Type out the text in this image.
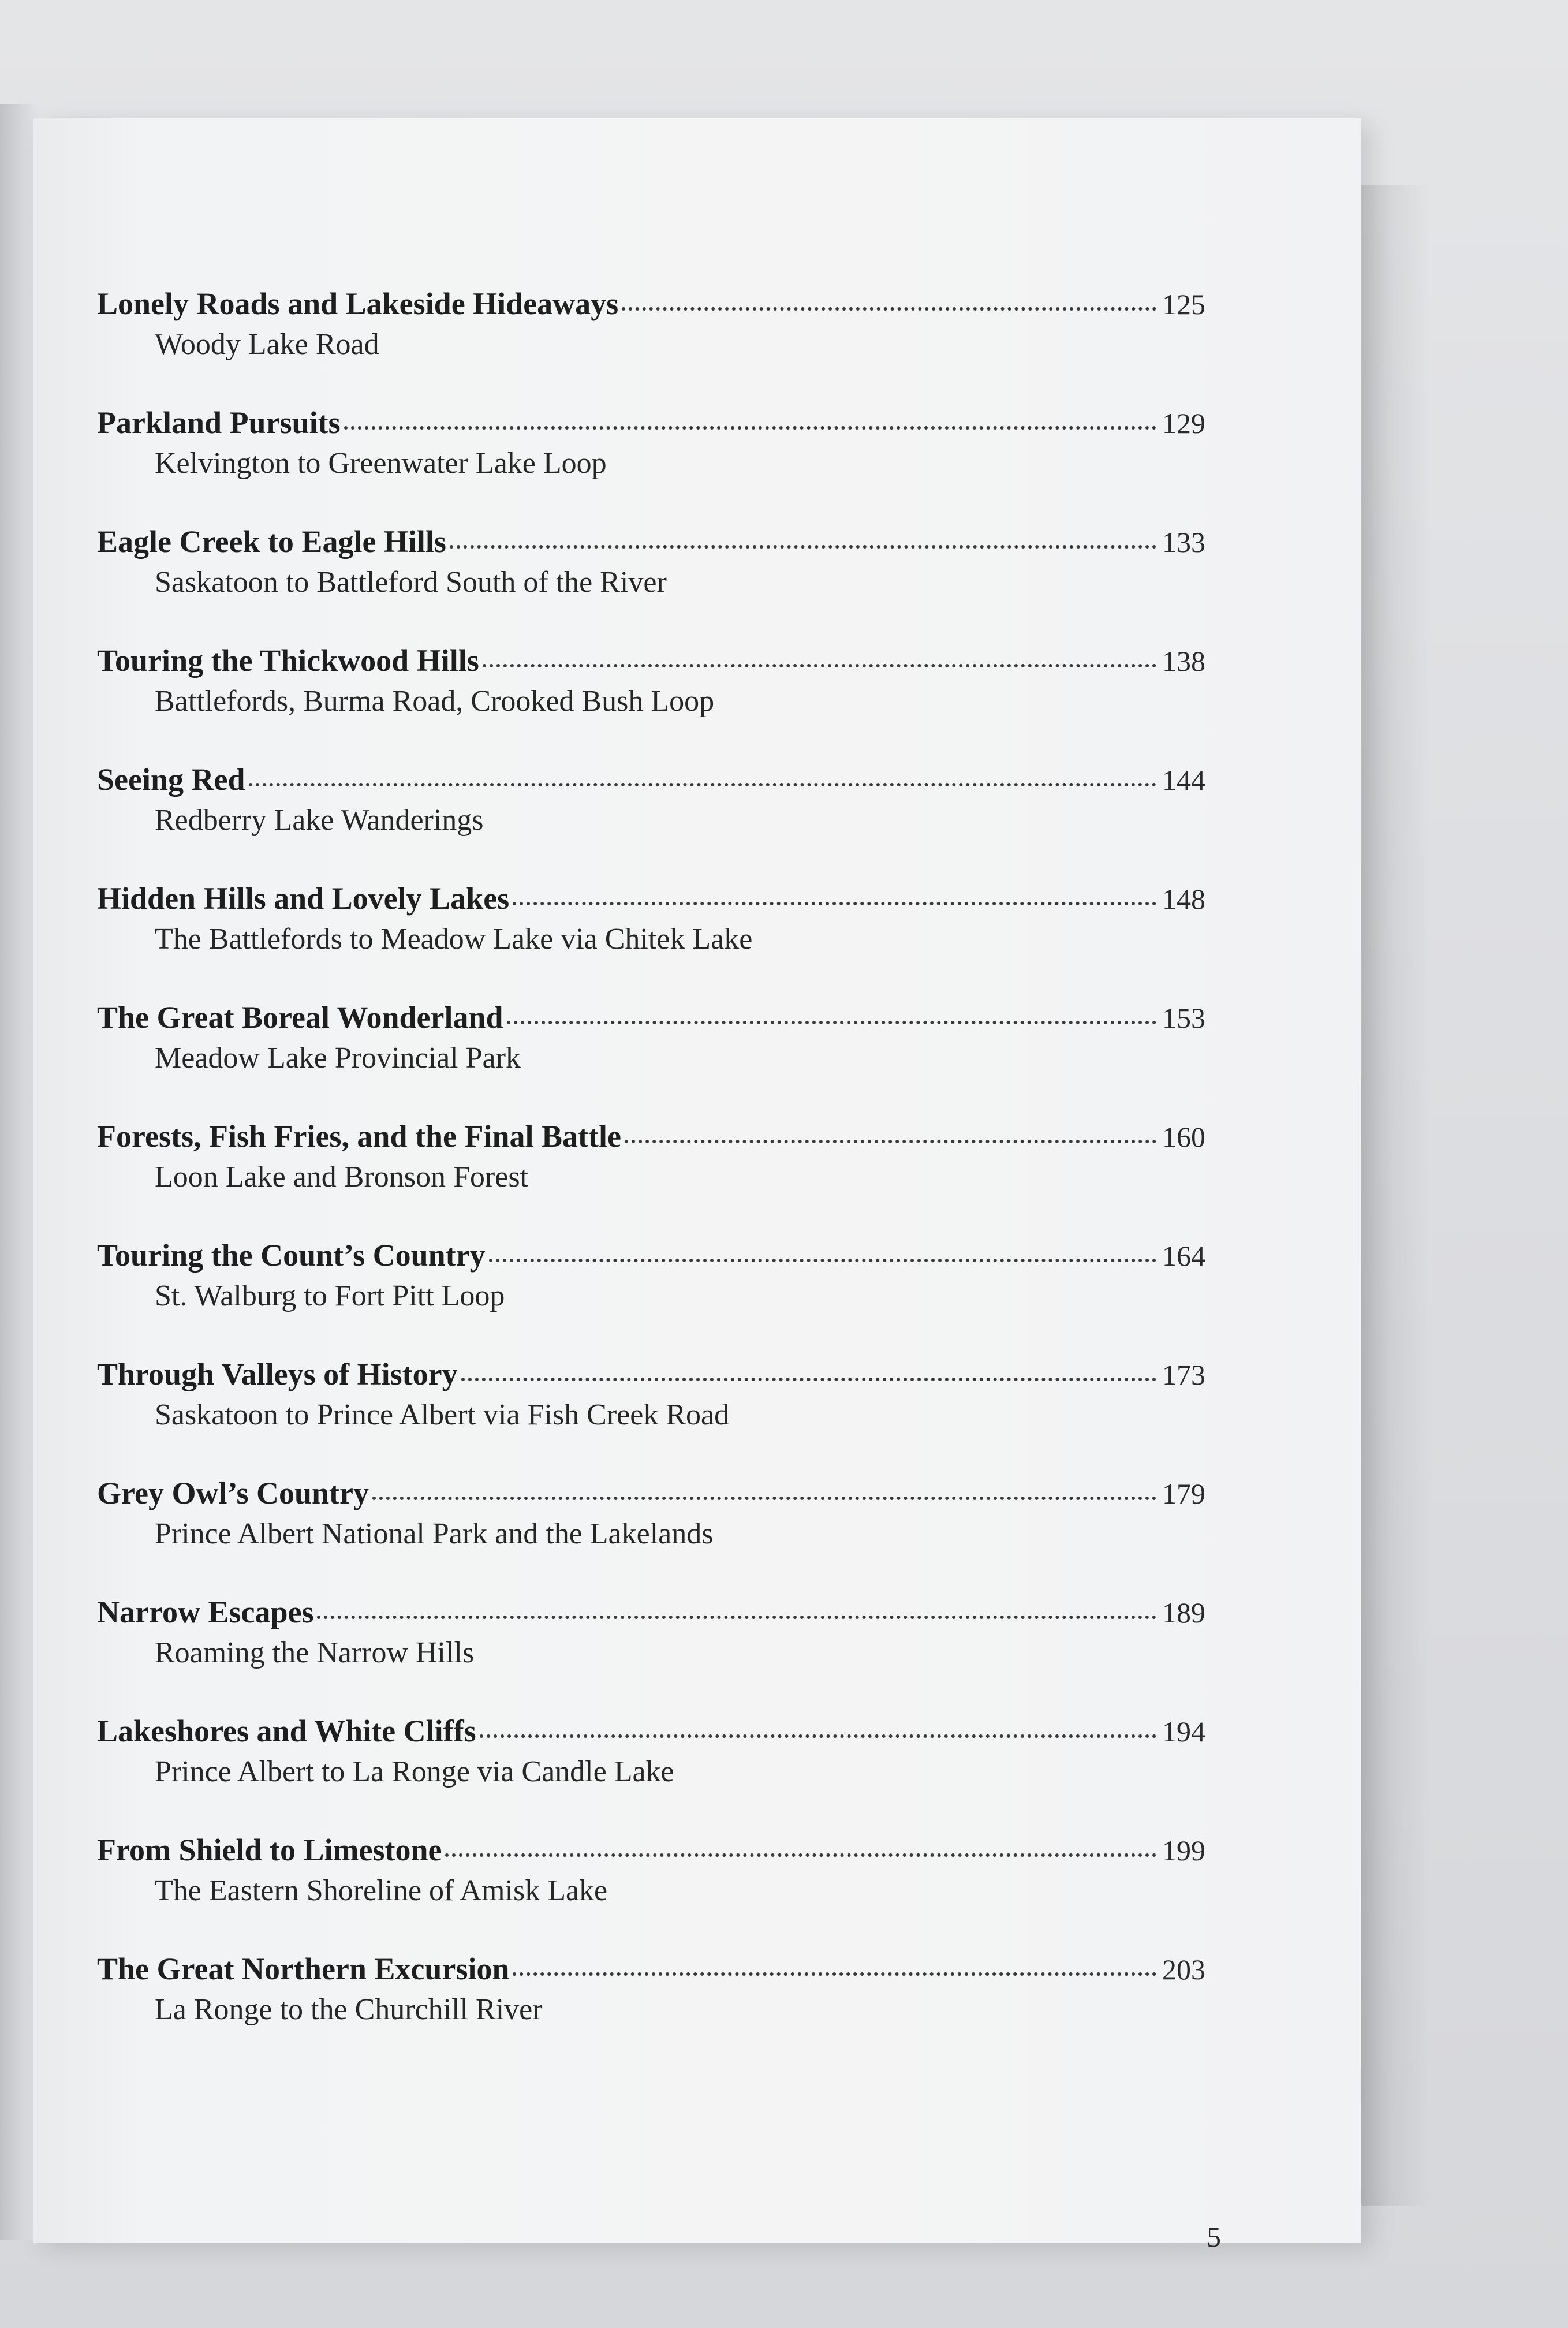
Lonely Roads and Lakeside Hideaways	125
Woody Lake Road
Parkland Pursuits	129
Kelvington to Greenwater Lake Loop
Eagle Creek to Eagle Hills	133
Saskatoon to Battleford South of the River
Touring the Thickwood Hills	138
Battlefords, Burma Road, Crooked Bush Loop
Seeing Red	144
Redberry Lake Wanderings
Hidden Hills and Lovely Lakes	148
The Battlefords to Meadow Lake via Chitek Lake
The Great Boreal Wonderland	153
Meadow Lake Provincial Park
Forests, Fish Fries, and the Final Battle	160
Loon Lake and Bronson Forest
Touring the Count’s Country	164
St. Walburg to Fort Pitt Loop
Through Valleys of History	173
Saskatoon to Prince Albert via Fish Creek Road
Grey Owl’s Country	179
Prince Albert National Park and the Lakelands
Narrow Escapes	189
Roaming the Narrow Hills
Lakeshores and White Cliffs	194
Prince Albert to La Ronge via Candle Lake
From Shield to Limestone	199
The Eastern Shoreline of Amisk Lake
The Great Northern Excursion	203
La Ronge to the Churchill River
5
